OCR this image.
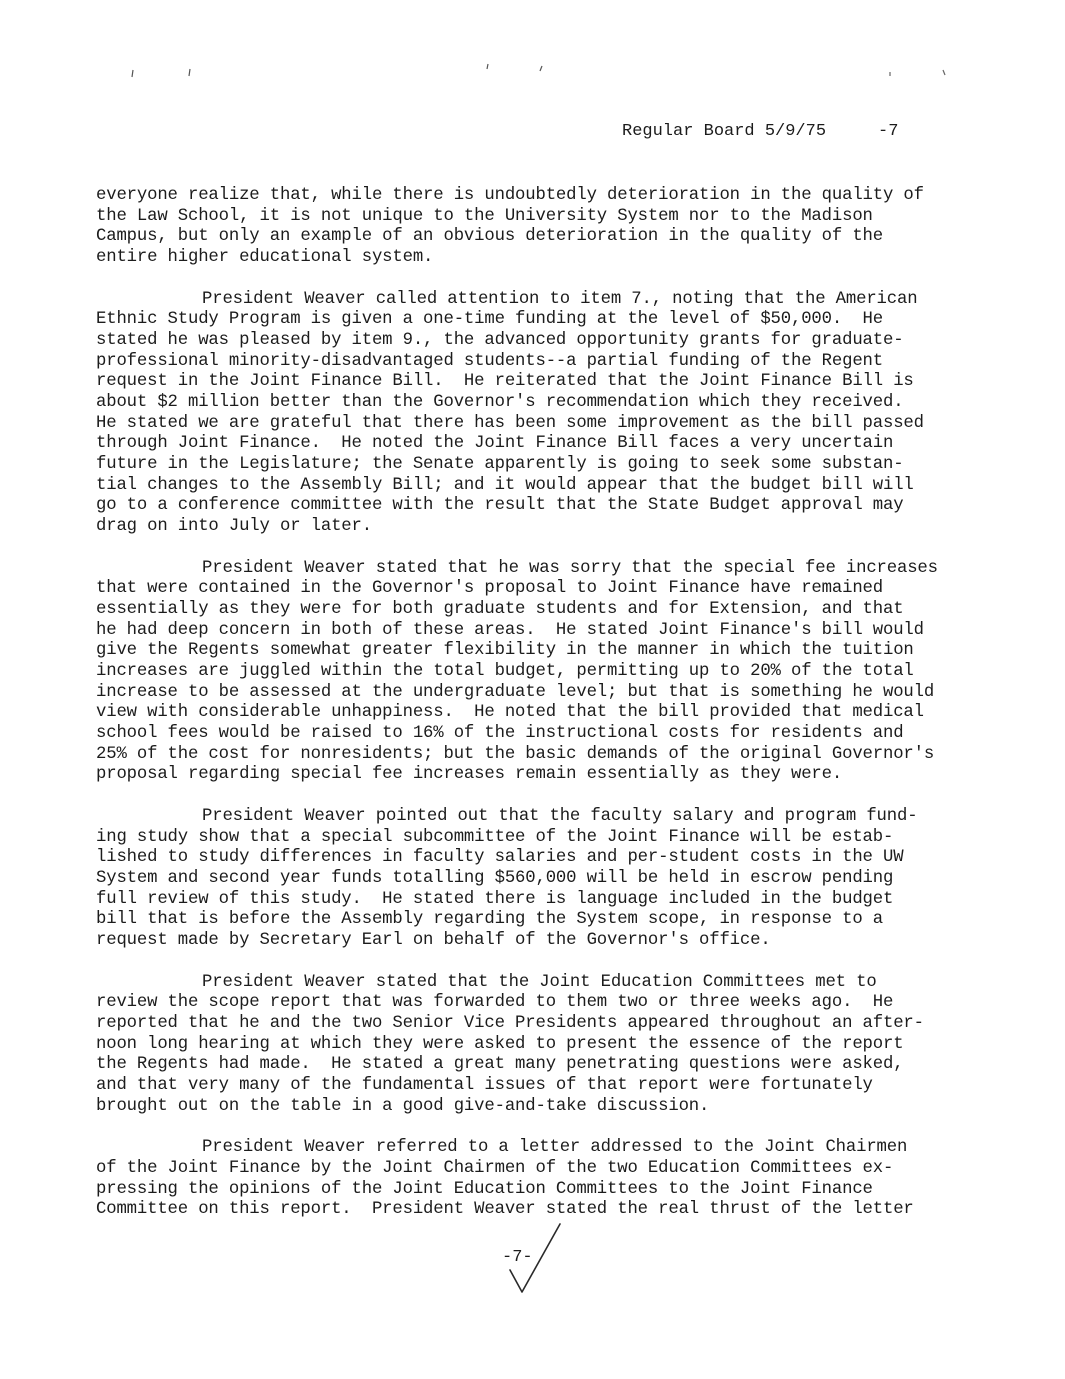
Regular Board 5/9/75	-7
everyone realize that, while there is undoubtedly deterioration in the quality of
the Law School, it is not unique to the University System nor to the Madison
Campus, but only an example of an obvious deterioration in the quality of the
entire higher educational system.
President Weaver called attention to item 7., noting that the American
Ethnic Study Program is given a one-time funding at the level of $50,000.  He
stated he was pleased by item 9., the advanced opportunity grants for graduate-
professional minority-disadvantaged students--a partial funding of the Regent
request in the Joint Finance Bill.  He reiterated that the Joint Finance Bill is
about $2 million better than the Governor's recommendation which they received.
He stated we are grateful that there has been some improvement as the bill passed
through Joint Finance.  He noted the Joint Finance Bill faces a very uncertain
future in the Legislature; the Senate apparently is going to seek some substan-
tial changes to the Assembly Bill; and it would appear that the budget bill will
go to a conference committee with the result that the State Budget approval may
drag on into July or later.
President Weaver stated that he was sorry that the special fee increases
that were contained in the Governor's proposal to Joint Finance have remained
essentially as they were for both graduate students and for Extension, and that
he had deep concern in both of these areas.  He stated Joint Finance's bill would
give the Regents somewhat greater flexibility in the manner in which the tuition
increases are juggled within the total budget, permitting up to 20% of the total
increase to be assessed at the undergraduate level; but that is something he would
view with considerable unhappiness.  He noted that the bill provided that medical
school fees would be raised to 16% of the instructional costs for residents and
25% of the cost for nonresidents; but the basic demands of the original Governor's
proposal regarding special fee increases remain essentially as they were.
President Weaver pointed out that the faculty salary and program fund-
ing study show that a special subcommittee of the Joint Finance will be estab-
lished to study differences in faculty salaries and per-student costs in the UW
System and second year funds totalling $560,000 will be held in escrow pending
full review of this study.  He stated there is language included in the budget
bill that is before the Assembly regarding the System scope, in response to a
request made by Secretary Earl on behalf of the Governor's office.
President Weaver stated that the Joint Education Committees met to
review the scope report that was forwarded to them two or three weeks ago.  He
reported that he and the two Senior Vice Presidents appeared throughout an after-
noon long hearing at which they were asked to present the essence of the report
the Regents had made.  He stated a great many penetrating questions were asked,
and that very many of the fundamental issues of that report were fortunately
brought out on the table in a good give-and-take discussion.
President Weaver referred to a letter addressed to the Joint Chairmen
of the Joint Finance by the Joint Chairmen of the two Education Committees ex-
pressing the opinions of the Joint Education Committees to the Joint Finance
Committee on this report.  President Weaver stated the real thrust of the letter
-7-
